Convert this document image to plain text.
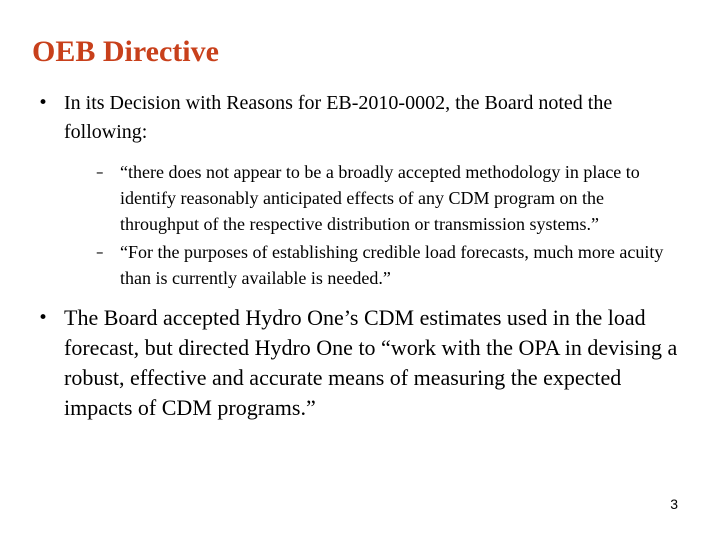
OEB Directive
• In its Decision with Reasons for EB-2010-0002, the Board noted the following:
– “there does not appear to be a broadly accepted methodology in place to identify reasonably anticipated effects of any CDM program on the throughput of the respective distribution or transmission systems.”
– “For the purposes of establishing credible load forecasts, much more acuity than is currently available is needed.”
• The Board accepted Hydro One’s CDM estimates used in the load forecast, but directed Hydro One to “work with the OPA in devising a robust, effective and accurate means of measuring the expected impacts of CDM programs.”
3
